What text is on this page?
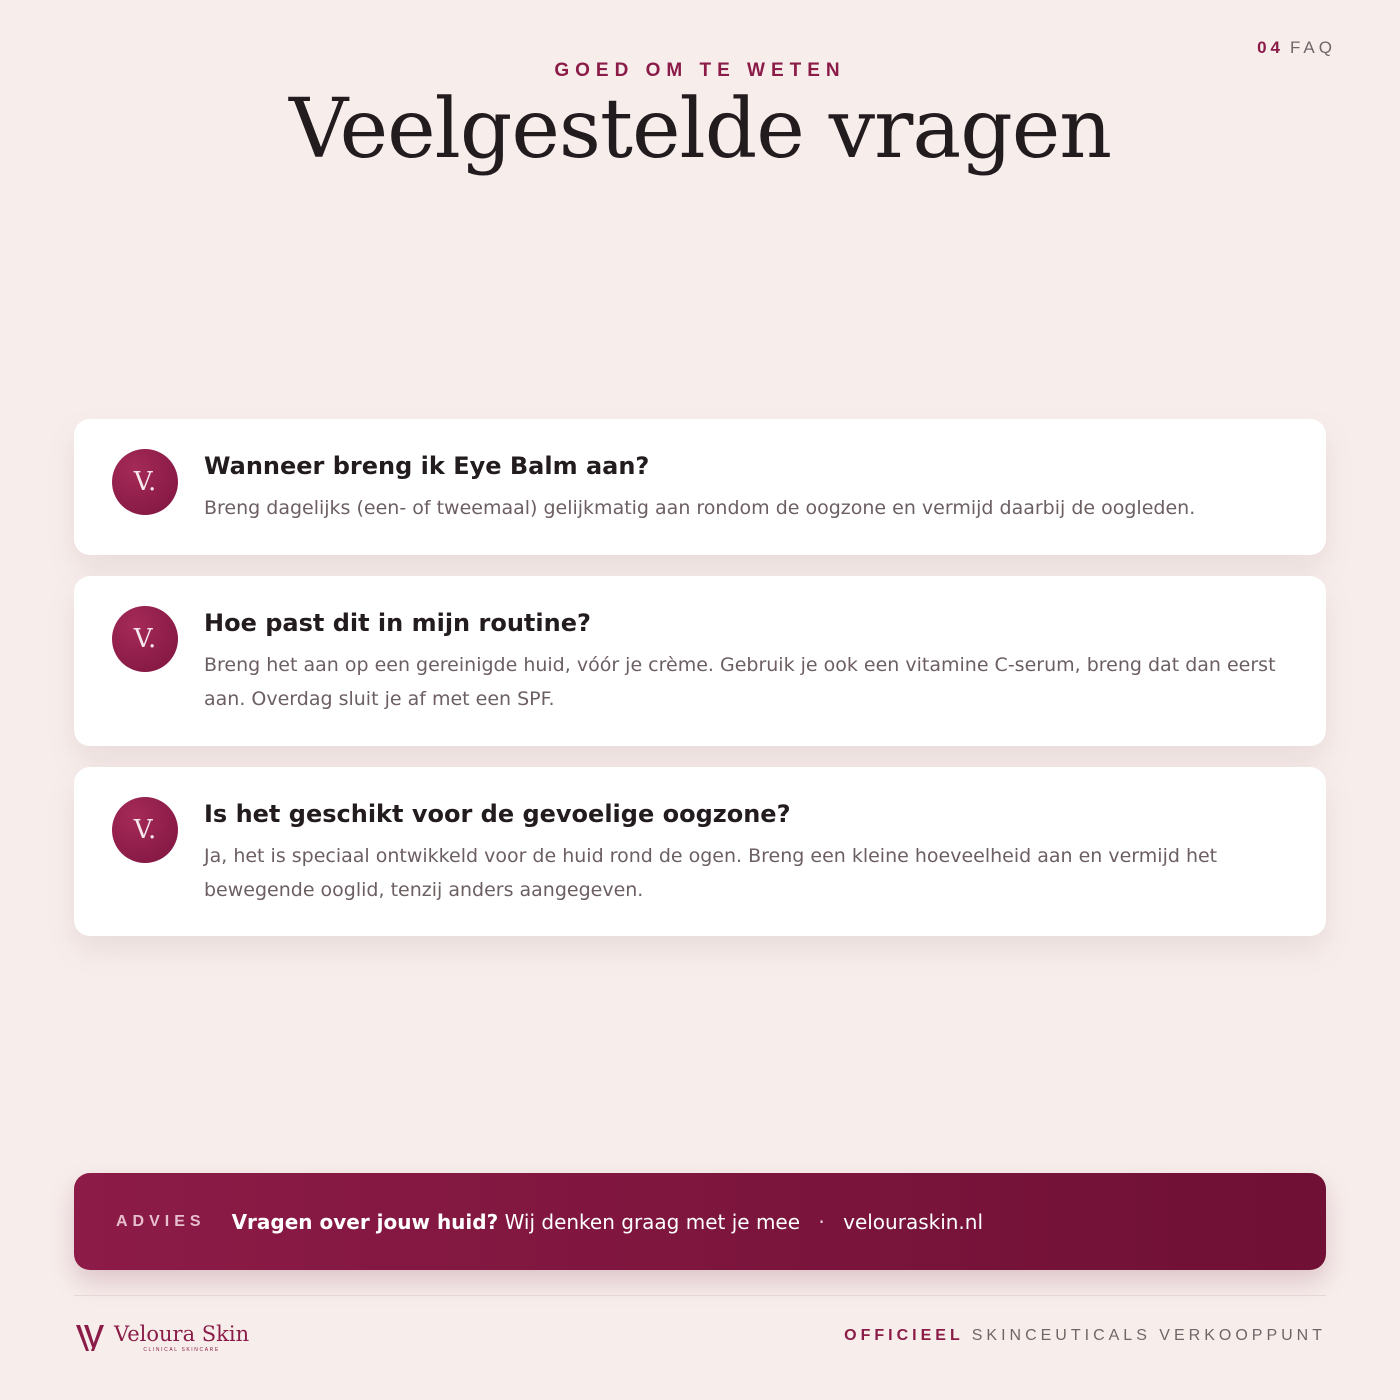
04 FAQ
GOED OM TE WETEN
Veelgestelde vragen
V.
Wanneer breng ik Eye Balm aan?
Breng dagelijks (een- of tweemaal) gelijkmatig aan rondom de oogzone en vermijd daarbij de oogleden.
V.
Hoe past dit in mijn routine?
Breng het aan op een gereinigde huid, vóór je crème. Gebruik je ook een vitamine C-serum, breng dat dan eerst aan. Overdag sluit je af met een SPF.
V.
Is het geschikt voor de gevoelige oogzone?
Ja, het is speciaal ontwikkeld voor de huid rond de ogen. Breng een kleine hoeveelheid aan en vermijd het bewegende ooglid, tenzij anders aangegeven.
ADVIES Vragen over jouw huid? Wij denken graag met je mee · velouraskin.nl
Veloura Skin
CLINICAL SKINCARE
OFFICIEEL SKINCEUTICALS VERKOOPPUNT
